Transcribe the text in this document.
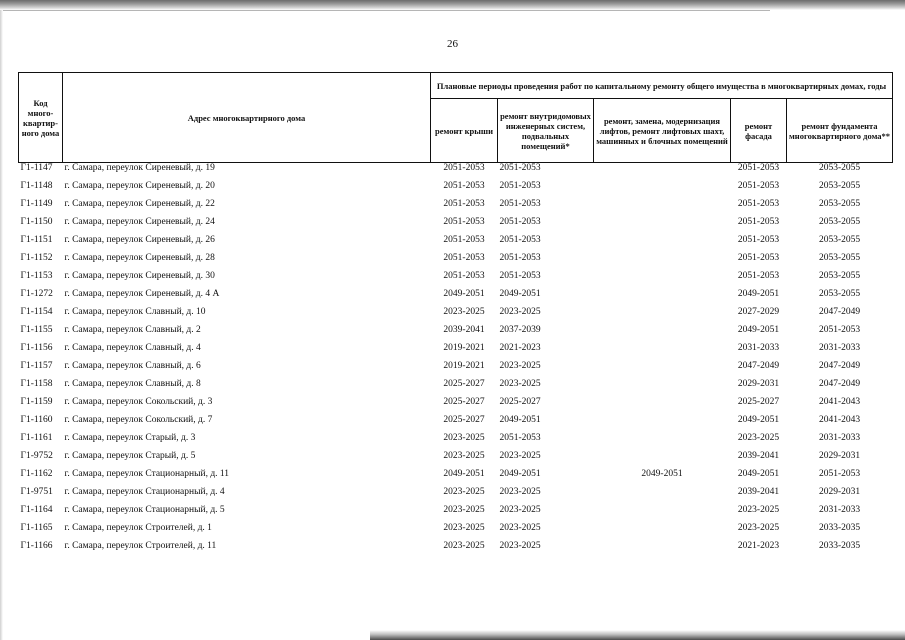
26
Код много-квартир-ного дома	Адрес многоквартирного дома	Плановые периоды проведения работ по капитальному ремонту общего имущества в многоквартирных домах, годы				
		ремонт крыши	ремонт внутридомовых инженерных систем, подвальных помещений*	ремонт, замена, модернизация лифтов, ремонт лифтовых шахт, машинных и блочных помещений	ремонт фасада	ремонт фундамента многоквартирного дома**
Г1-1147	г. Самара, переулок Сиреневый, д. 19	2051-2053	2051-2053		2051-2053	2053-2055
Г1-1148	г. Самара, переулок Сиреневый, д. 20	2051-2053	2051-2053		2051-2053	2053-2055
Г1-1149	г. Самара, переулок Сиреневый, д. 22	2051-2053	2051-2053		2051-2053	2053-2055
Г1-1150	г. Самара, переулок Сиреневый, д. 24	2051-2053	2051-2053		2051-2053	2053-2055
Г1-1151	г. Самара, переулок Сиреневый, д. 26	2051-2053	2051-2053		2051-2053	2053-2055
Г1-1152	г. Самара, переулок Сиреневый, д. 28	2051-2053	2051-2053		2051-2053	2053-2055
Г1-1153	г. Самара, переулок Сиреневый, д. 30	2051-2053	2051-2053		2051-2053	2053-2055
Г1-1272	г. Самара, переулок Сиреневый, д. 4 А	2049-2051	2049-2051		2049-2051	2053-2055
Г1-1154	г. Самара, переулок Славный, д. 10	2023-2025	2023-2025		2027-2029	2047-2049
Г1-1155	г. Самара, переулок Славный, д. 2	2039-2041	2037-2039		2049-2051	2051-2053
Г1-1156	г. Самара, переулок Славный, д. 4	2019-2021	2021-2023		2031-2033	2031-2033
Г1-1157	г. Самара, переулок Славный, д. 6	2019-2021	2023-2025		2047-2049	2047-2049
Г1-1158	г. Самара, переулок Славный, д. 8	2025-2027	2023-2025		2029-2031	2047-2049
Г1-1159	г. Самара, переулок Сокольский, д. 3	2025-2027	2025-2027		2025-2027	2041-2043
Г1-1160	г. Самара, переулок Сокольский, д. 7	2025-2027	2049-2051		2049-2051	2041-2043
Г1-1161	г. Самара, переулок Старый, д. 3	2023-2025	2051-2053		2023-2025	2031-2033
Г1-9752	г. Самара, переулок Старый, д. 5	2023-2025	2023-2025		2039-2041	2029-2031
Г1-1162	г. Самара, переулок Стационарный, д. 11	2049-2051	2049-2051	2049-2051	2049-2051	2051-2053
Г1-9751	г. Самара, переулок Стационарный, д. 4	2023-2025	2023-2025		2039-2041	2029-2031
Г1-1164	г. Самара, переулок Стационарный, д. 5	2023-2025	2023-2025		2023-2025	2031-2033
Г1-1165	г. Самара, переулок Строителей, д. 1	2023-2025	2023-2025		2023-2025	2033-2035
Г1-1166	г. Самара, переулок Строителей, д. 11	2023-2025	2023-2025		2021-2023	2033-2035
